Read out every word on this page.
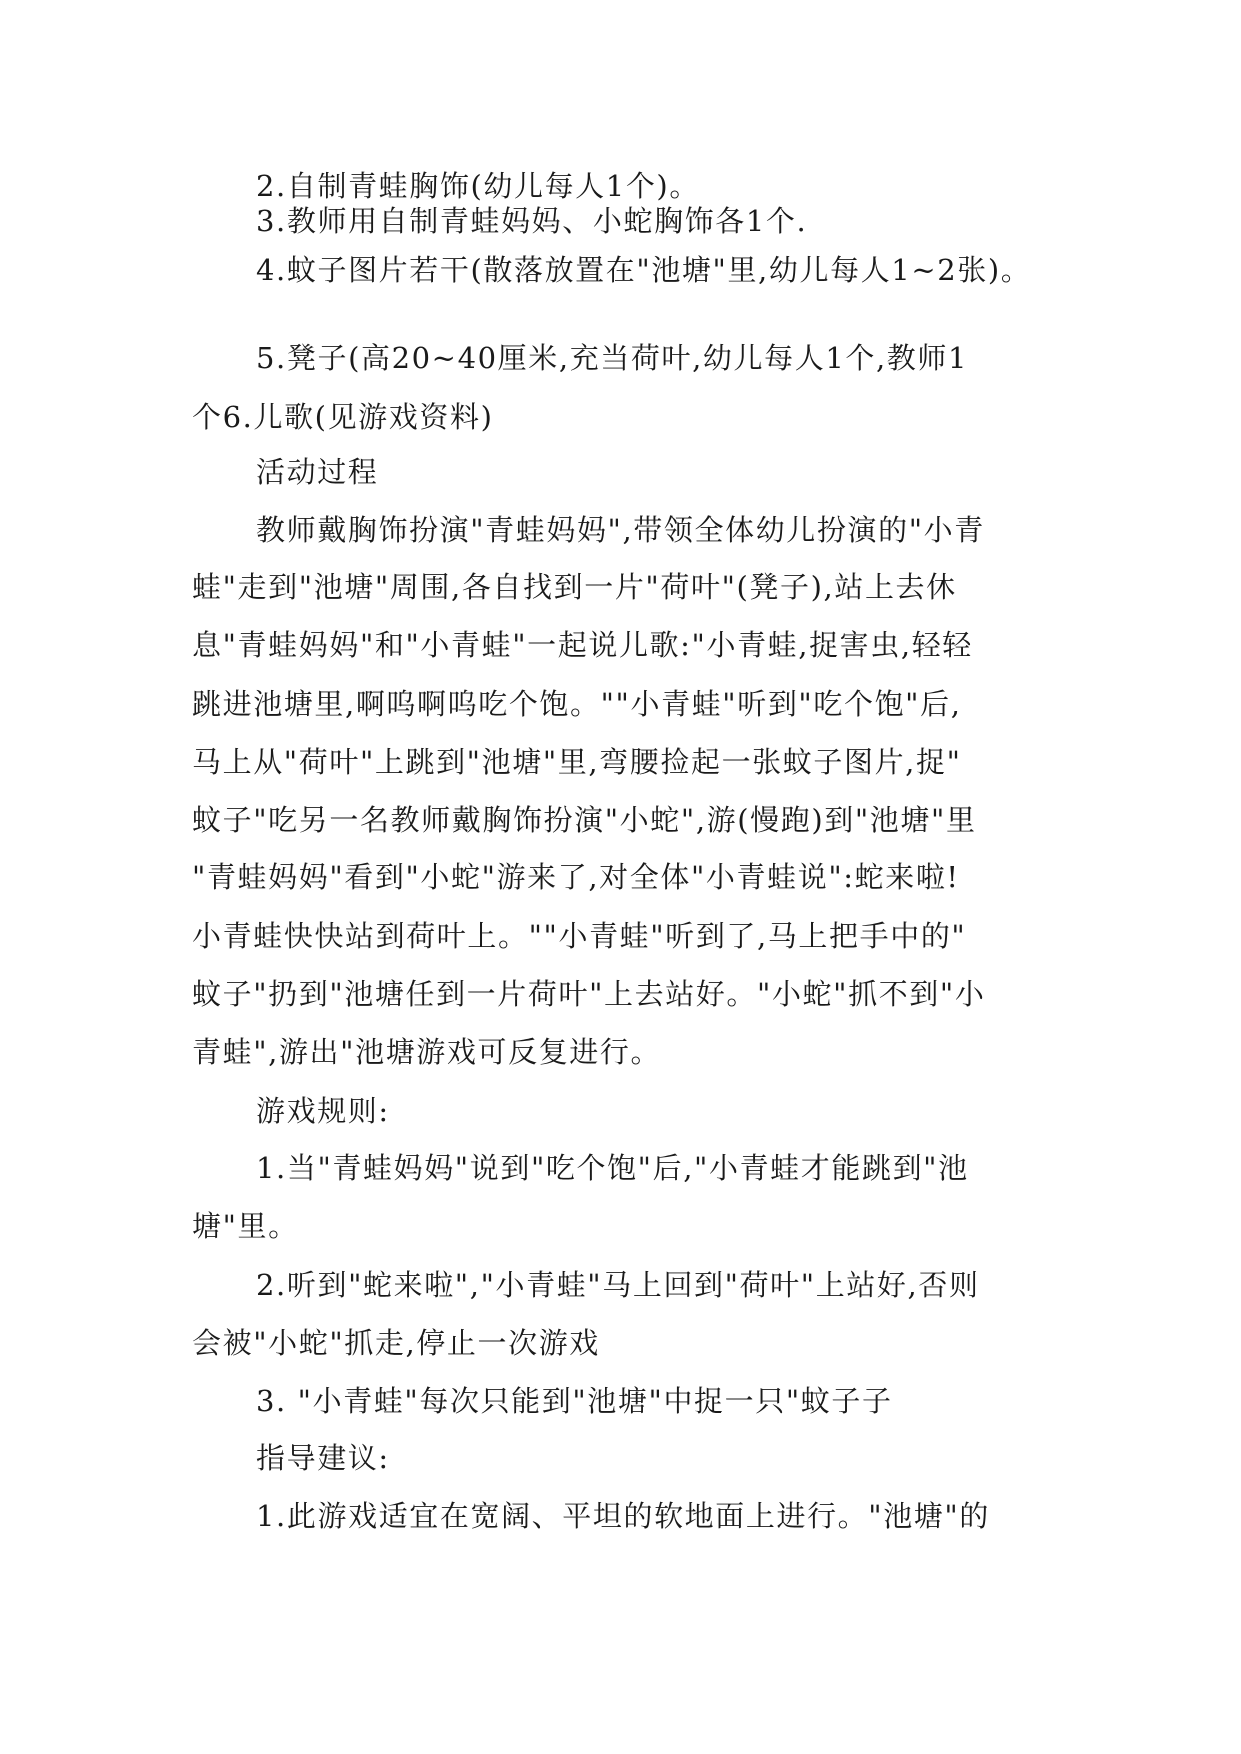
2.自制青蛙胸饰(幼儿每人1个)。
3.教师用自制青蛙妈妈、小蛇胸饰各1个.
4.蚊子图片若干(散落放置在"池塘"里,幼儿每人1~2张)。
5.凳子(高20~40厘米,充当荷叶,幼儿每人1个,教师1
个6.儿歌(见游戏资料)
活动过程
教师戴胸饰扮演"青蛙妈妈",带领全体幼儿扮演的"小青
蛙"走到"池塘"周围,各自找到一片"荷叶"(凳子),站上去休
息"青蛙妈妈"和"小青蛙"一起说儿歌:"小青蛙,捉害虫,轻轻
跳进池塘里,啊呜啊呜吃个饱。""小青蛙"听到"吃个饱"后,
马上从"荷叶"上跳到"池塘"里,弯腰捡起一张蚊子图片,捉"
蚊子"吃另一名教师戴胸饰扮演"小蛇",游(慢跑)到"池塘"里
"青蛙妈妈"看到"小蛇"游来了,对全体"小青蛙说":蛇来啦!
小青蛙快快站到荷叶上。""小青蛙"听到了,马上把手中的"
蚊子"扔到"池塘任到一片荷叶"上去站好。"小蛇"抓不到"小
青蛙",游出"池塘游戏可反复进行。
游戏规则:
1.当"青蛙妈妈"说到"吃个饱"后,"小青蛙才能跳到"池
塘"里。
2.听到"蛇来啦","小青蛙"马上回到"荷叶"上站好,否则
会被"小蛇"抓走,停止一次游戏
3. "小青蛙"每次只能到"池塘"中捉一只"蚊子子
指导建议:
1.此游戏适宜在宽阔、平坦的软地面上进行。"池塘"的
